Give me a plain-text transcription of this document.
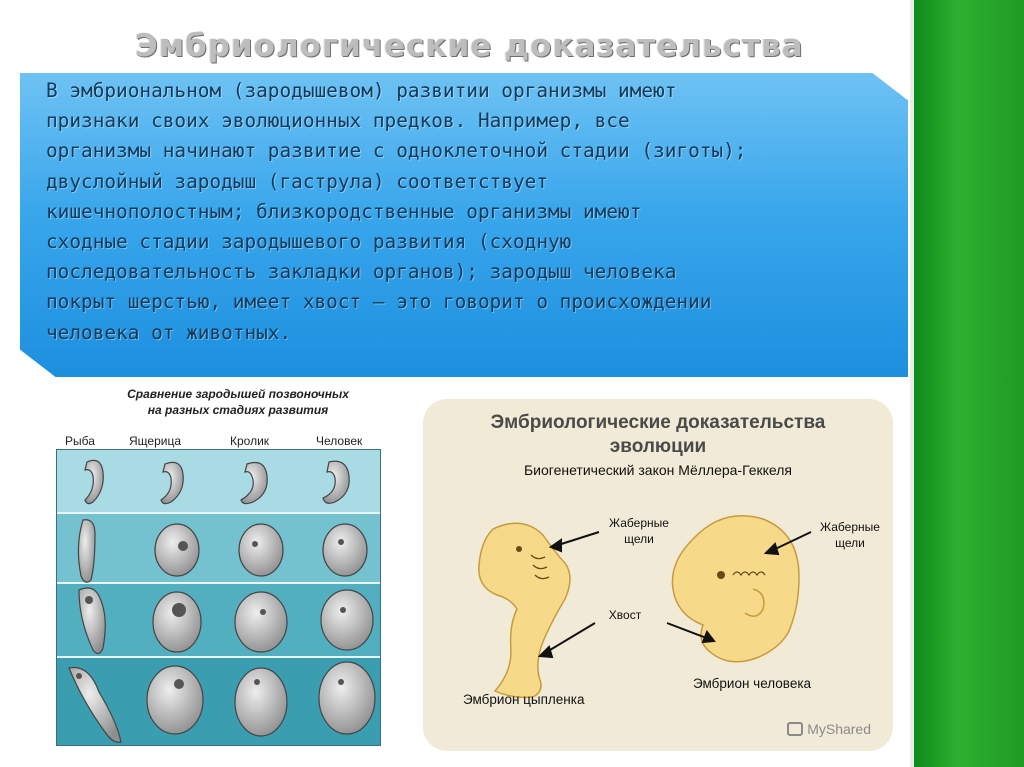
Эмбриологические доказательства
В эмбриональном (зародышевом) развитии организмы имеют
признаки своих эволюционных предков. Например, все
организмы начинают развитие с одноклеточной стадии (зиготы);
двуслойный зародыш (гаструла) соответствует
кишечнополостным; близкородственные организмы имеют
сходные стадии зародышевого развития (сходную
последовательность закладки органов); зародыш человека
покрыт шерстью, имеет хвост – это говорит о происхождении
человека от животных.
Сравнение зародышей позвоночных
на разных стадиях развития
Рыба	Ящерица	Кролик	Человек
Эмбриологические доказательства
эволюции
Биогенетический закон Мёллера-Геккеля
Жаберные
щели
Жаберные
щели
Хвост
Эмбрион цыпленка
Эмбрион человека
MyShared
